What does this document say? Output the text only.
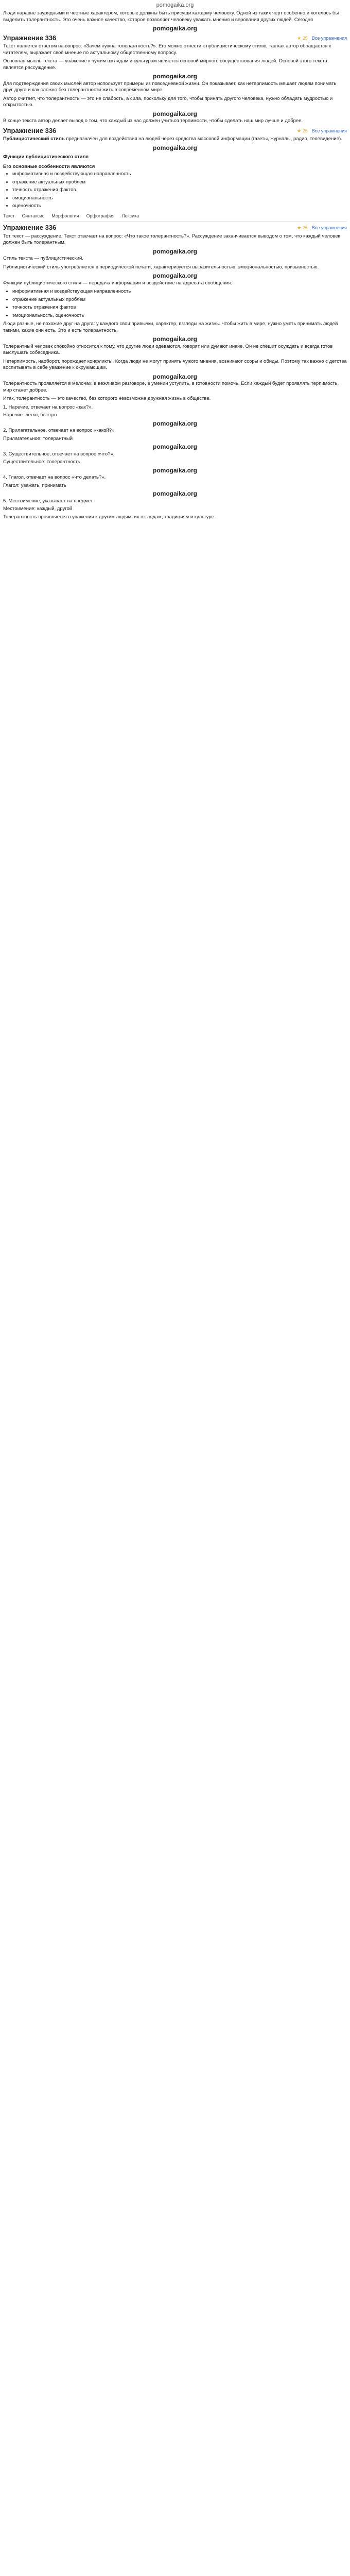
pomogaika.org

Люди наравне заурядными и честные характером, которые должны быть присущи каждому человеку. Одной из таких черт особенно и хотелось бы выделить толерантность. Это очень важное качество, которое позволяет человеку уважать мнения и верования других людей. Сегодня

pomogaika.org
Упражнение 336	★ 25 Все упражнения

Текст является ответом на вопрос: «Зачем нужна толерантность?». Его можно отнести к публицистическому стилю, так как автор обращается к читателям, выражает своё мнение по актуальному общественному вопросу.

Основная мысль текста — уважение к чужим взглядам и культурам является основой мирного сосуществования людей. Основой этого текста является рассуждение.

pomogaika.org

Для подтверждения своих мыслей автор использует примеры из повседневной жизни. Он показывает, как нетерпимость мешает людям понимать друг друга и как сложно без толерантности жить в современном мире.

Автор считает, что толерантность — это не слабость, а сила, поскольку для того, чтобы принять другого человека, нужно обладать мудростью и открытостью.

pomogaika.org

В конце текста автор делает вывод о том, что каждый из нас должен учиться терпимости, чтобы сделать наш мир лучше и добрее.

Упражнение 336	★ 25 Все упражнения

Публицистический стиль предназначен для воздействия на людей через средства массовой информации (газеты, журналы, радио, телевидение).

pomogaika.org
Функции публицистического стиля
Его основные особенности являются
• информативная и воздействующая направленность
• отражение актуальных проблем
• точность отражения фактов
• эмоциональность
• оценочность
Текст Синтаксис Морфология Орфография Лексика
Упражнение 336	★ 25 Все упражнения

Тот текст — рассуждение. Текст отвечает на вопрос: «Что такое толерантность?». Рассуждение заканчивается выводом о том, что каждый человек должен быть толерантным.

pomogaika.org

Стиль текста — публицистический.

Публицистический стиль употребляется в периодической печати, характеризуется выразительностью, эмоциональностью, призывностью.

pomogaika.org

Функции публицистического стиля — передача информации и воздействие на адресата сообщения.

• информативная и воздействующая направленность
• отражение актуальных проблем
• точность отражения фактов
• эмоциональность, оценочность

Люди разные, не похожие друг на друга: у каждого свои привычки, характер, взгляды на жизнь. Чтобы жить в мире, нужно уметь принимать людей такими, какие они есть. Это и есть толерантность.

pomogaika.org

Толерантный человек спокойно относится к тому, что другие люди одеваются, говорят или думают иначе. Он не спешит осуждать и всегда готов выслушать собеседника.

Нетерпимость, наоборот, порождает конфликты. Когда люди не могут принять чужого мнения, возникают ссоры и обиды. Поэтому так важно с детства воспитывать в себе уважение к окружающим.

pomogaika.org

Толерантность проявляется в мелочах: в вежливом разговоре, в умении уступить, в готовности помочь. Если каждый будет проявлять терпимость, мир станет добрее.

Итак, толерантность — это качество, без которого невозможна дружная жизнь в обществе.

1. Наречие, отвечает на вопрос «как?».
Наречие: легко, быстро
pomogaika.org
2. Прилагательное, отвечает на вопрос «какой?».
Прилагательное: толерантный
pomogaika.org
3. Существительное, отвечает на вопрос «что?».
Существительное: толерантность
pomogaika.org
4. Глагол, отвечает на вопрос «что делать?».
Глагол: уважать, принимать
pomogaika.org
5. Местоимение, указывает на предмет.
Местоимение: каждый, другой

Толерантность проявляется в уважении к другим людям, их взглядам, традициям и культуре.
